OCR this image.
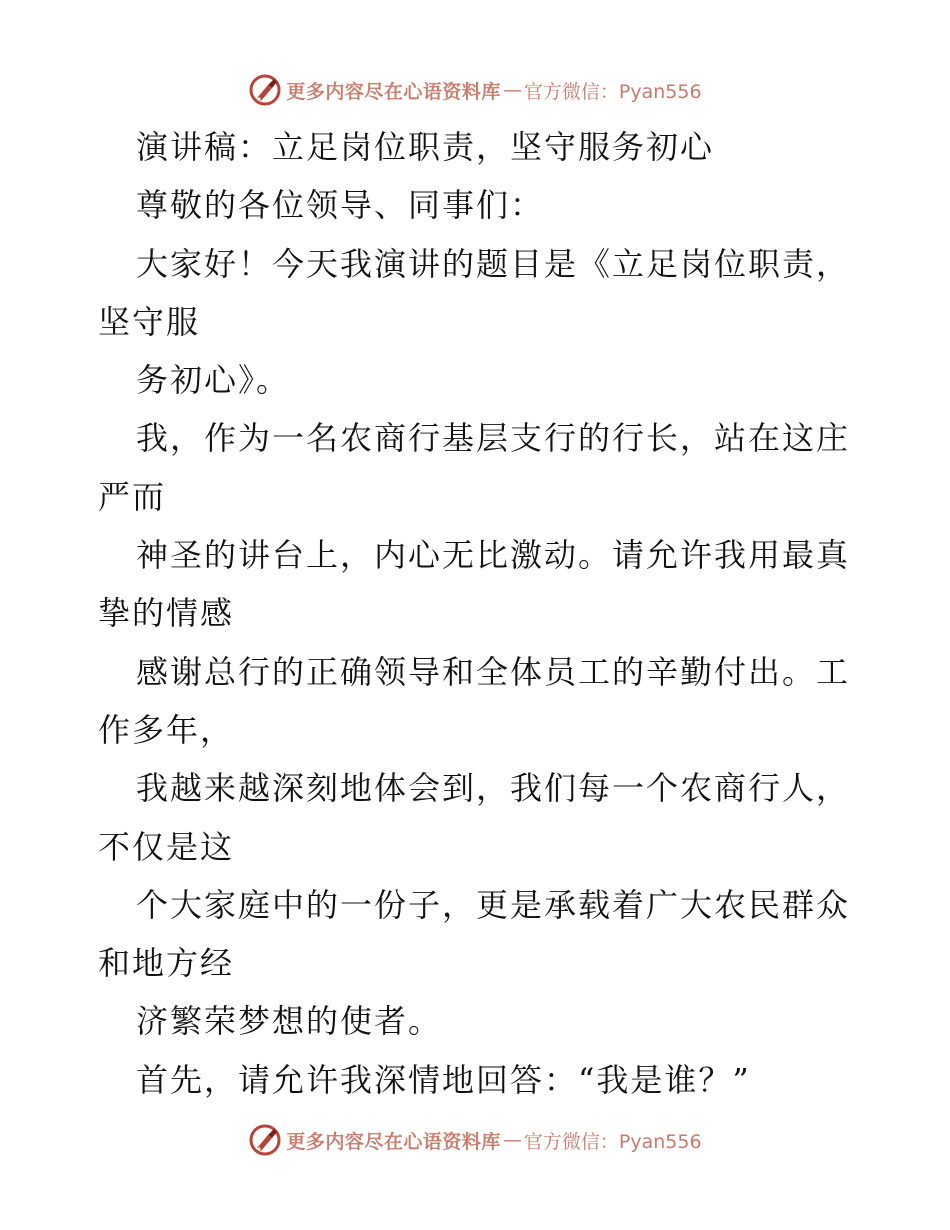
更多内容尽在心语资料库 — 官方微信：Pyan556
演讲稿：立足岗位职责，坚守服务初心
尊敬的各位领导、同事们：
大家好！今天我演讲的题目是《立足岗位职责，
坚守服
务初心》。
我，作为一名农商行基层支行的行长，站在这庄
严而
神圣的讲台上，内心无比激动。请允许我用最真
挚的情感
感谢总行的正确领导和全体员工的辛勤付出。工
作多年，
我越来越深刻地体会到，我们每一个农商行人，
不仅是这
个大家庭中的一份子，更是承载着广大农民群众
和地方经
济繁荣梦想的使者。
首先，请允许我深情地回答：“我是谁？”
更多内容尽在心语资料库 — 官方微信：Pyan556
